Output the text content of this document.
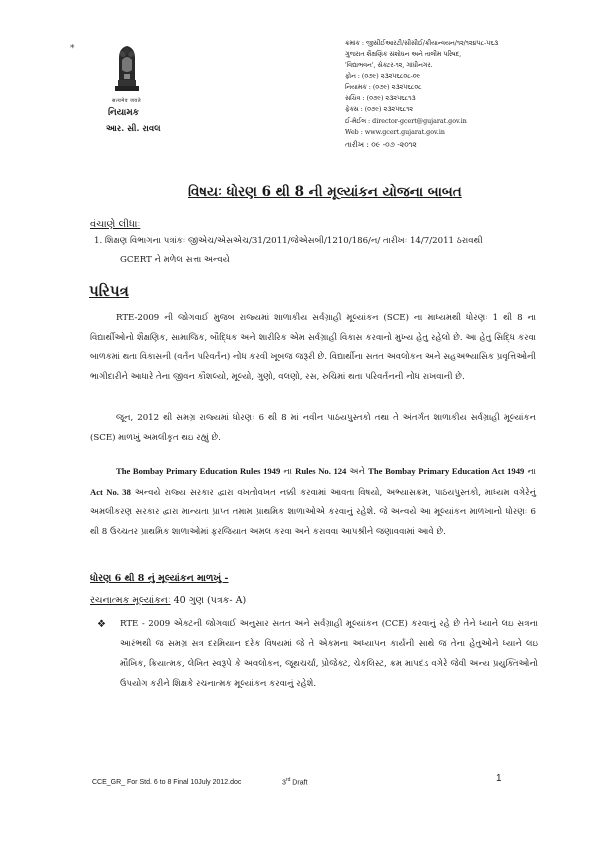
*
सत्यमेव जयते
નિયામક
આર. સી. રાવલ
ક્રમાંક : જીસીઈઆરટી/સીસીઈ/ક્રીયાન્વયન/૧૨/૧૨૪૫૮-૫૬૩
ગુજરાત શૈક્ષણિક સંશોધન અને તાલીમ પરિષદ,
'વિદ્યાભવન', સેક્ટર-૧૨, ગાંધીનગર.
ફોન : (૦૭૯) ૨૩૨૫૬૮૦૮-૦૯
નિયામક : (૦૭૯) ૨૩૨૫૬૮૦૮
સચિવ : (૦૭૯) ૨૩૨૫૬૮૧૩
ફેક્સ : (૦૭૯) ૨૩૨૫૬૮૧૨
ઈ-મેઈલ : director-gcert@gujarat.gov.in
Web : www.gcert.gujarat.gov.in
તારીખ : ૦૯ -૦૭ -૨૦૧૨
વિષયઃ ધોરણ 6 થી 8 ની મૂલ્યાંકન યોજના બાબત
વંચાણે લીધાઃ
1. શિક્ષણ વિભાગના પત્રાંકઃ જીએચ/એસએચ/31/2011/જેએસબી/1210/186/ન/ તારીખઃ 14/7/2011 ઠરાવથી
GCERT ને મળેલ સત્તા અન્વયે
પરિપત્ર
RTE-2009 ની જોગવાઈ મુજબ રાજ્યમાં શાળાકીય સર્વગ્રાહી મૂલ્યાંકન (SCE) ના માધ્યમથી ધોરણઃ 1 થી 8 ના વિદ્યાર્થીઓનો શૈક્ષણિક, સામાજિક, બૌદ્ધિક અને શારીરિક એમ સર્વગ્રાહી વિકાસ કરવાનો મુખ્ય હેતુ રહેલો છે. આ હેતુ સિદ્ધિ કરવા બાળકમાં થતા વિકાસની (વર્તન પરિવર્તન) નોંધ કરવી ખૂબજ જરૂરી છે. વિદ્યાર્થીના સતત અવલોકન અને સહઅભ્યાસિક પ્રવૃત્તિઓની ભાગીદારીને આધારે તેના જીવન કૌશલ્યો, મૂલ્યો, ગુણો, વલણો, રસ, રુચિમાં થતા પરિવર્તનની નોંધ રાખવાની છે.
જૂન, 2012 થી સમગ્ર રાજ્યમાં ધોરણઃ 6 થી 8 માં નવીન પાઠયપુસ્તકો તથા તે અંતર્ગત શાળાકીય સર્વગ્રાહી મૂલ્યાંકન (SCE) માળખું અમલીકૃત થઇ રહ્યું છે.
The Bombay Primary Education Rules 1949 ના Rules No. 124 અને The Bombay Primary Education Act 1949 ના Act No. 38 અન્વયે રાજ્ય સરકાર દ્વારા વખતોવખત નક્કી કરવામાં આવતા વિષયો, અભ્યાસક્રમ, પાઠયપુસ્તકો, માધ્યમ વગેરેનું અમલીકરણ સરકાર દ્વારા માન્યતા પ્રાપ્ત તમામ પ્રાથમિક શાળાઓએ કરવાનું રહેશે. જે અન્વયે આ મૂલ્યાંકન માળખાનો ધોરણઃ 6 થી 8 ઉચ્ચતર પ્રાથમિક શાળાઓમાં ફરજિયાત અમલ કરવા અને કરાવવા આપશ્રીને જણાવવામાં આવે છે.
ધોરણ 6 થી 8 નું મૂલ્યાંકન માળખું -
રચનાત્મક મૂલ્યાંકનઃ 40 ગુણ (પત્રક- A)
❖ RTE - 2009 એક્ટની જોગવાઈ અનુસાર સતત અને સર્વગ્રાહી મૂલ્યાંકન (CCE) કરવાનું રહે છે તેને ધ્યાને લઇ સત્રના આરંભથી જ સમગ્ર સત્ર દરમિયાન દરેક વિષયમાં જે તે એકમના અધ્યાપન કાર્યની સાથે જ તેના હેતુઓને ધ્યાને લઇ મૌખિક, ક્રિયાત્મક, લેખિત સ્વરૂપે કે અવલોકન, જૂથચર્ચા, પ્રોજેક્ટ, ચેકલિસ્ટ, ક્રમ માપદંડ વગેરે જેવી અન્ય પ્રયુક્તિઓનો ઉપયોગ કરીને શિક્ષકે રચનાત્મક મૂલ્યાંકન કરવાનું રહેશે.
CCE_GR_ For Std. 6 to 8 Final 10July 2012.doc	3rd Draft	1
